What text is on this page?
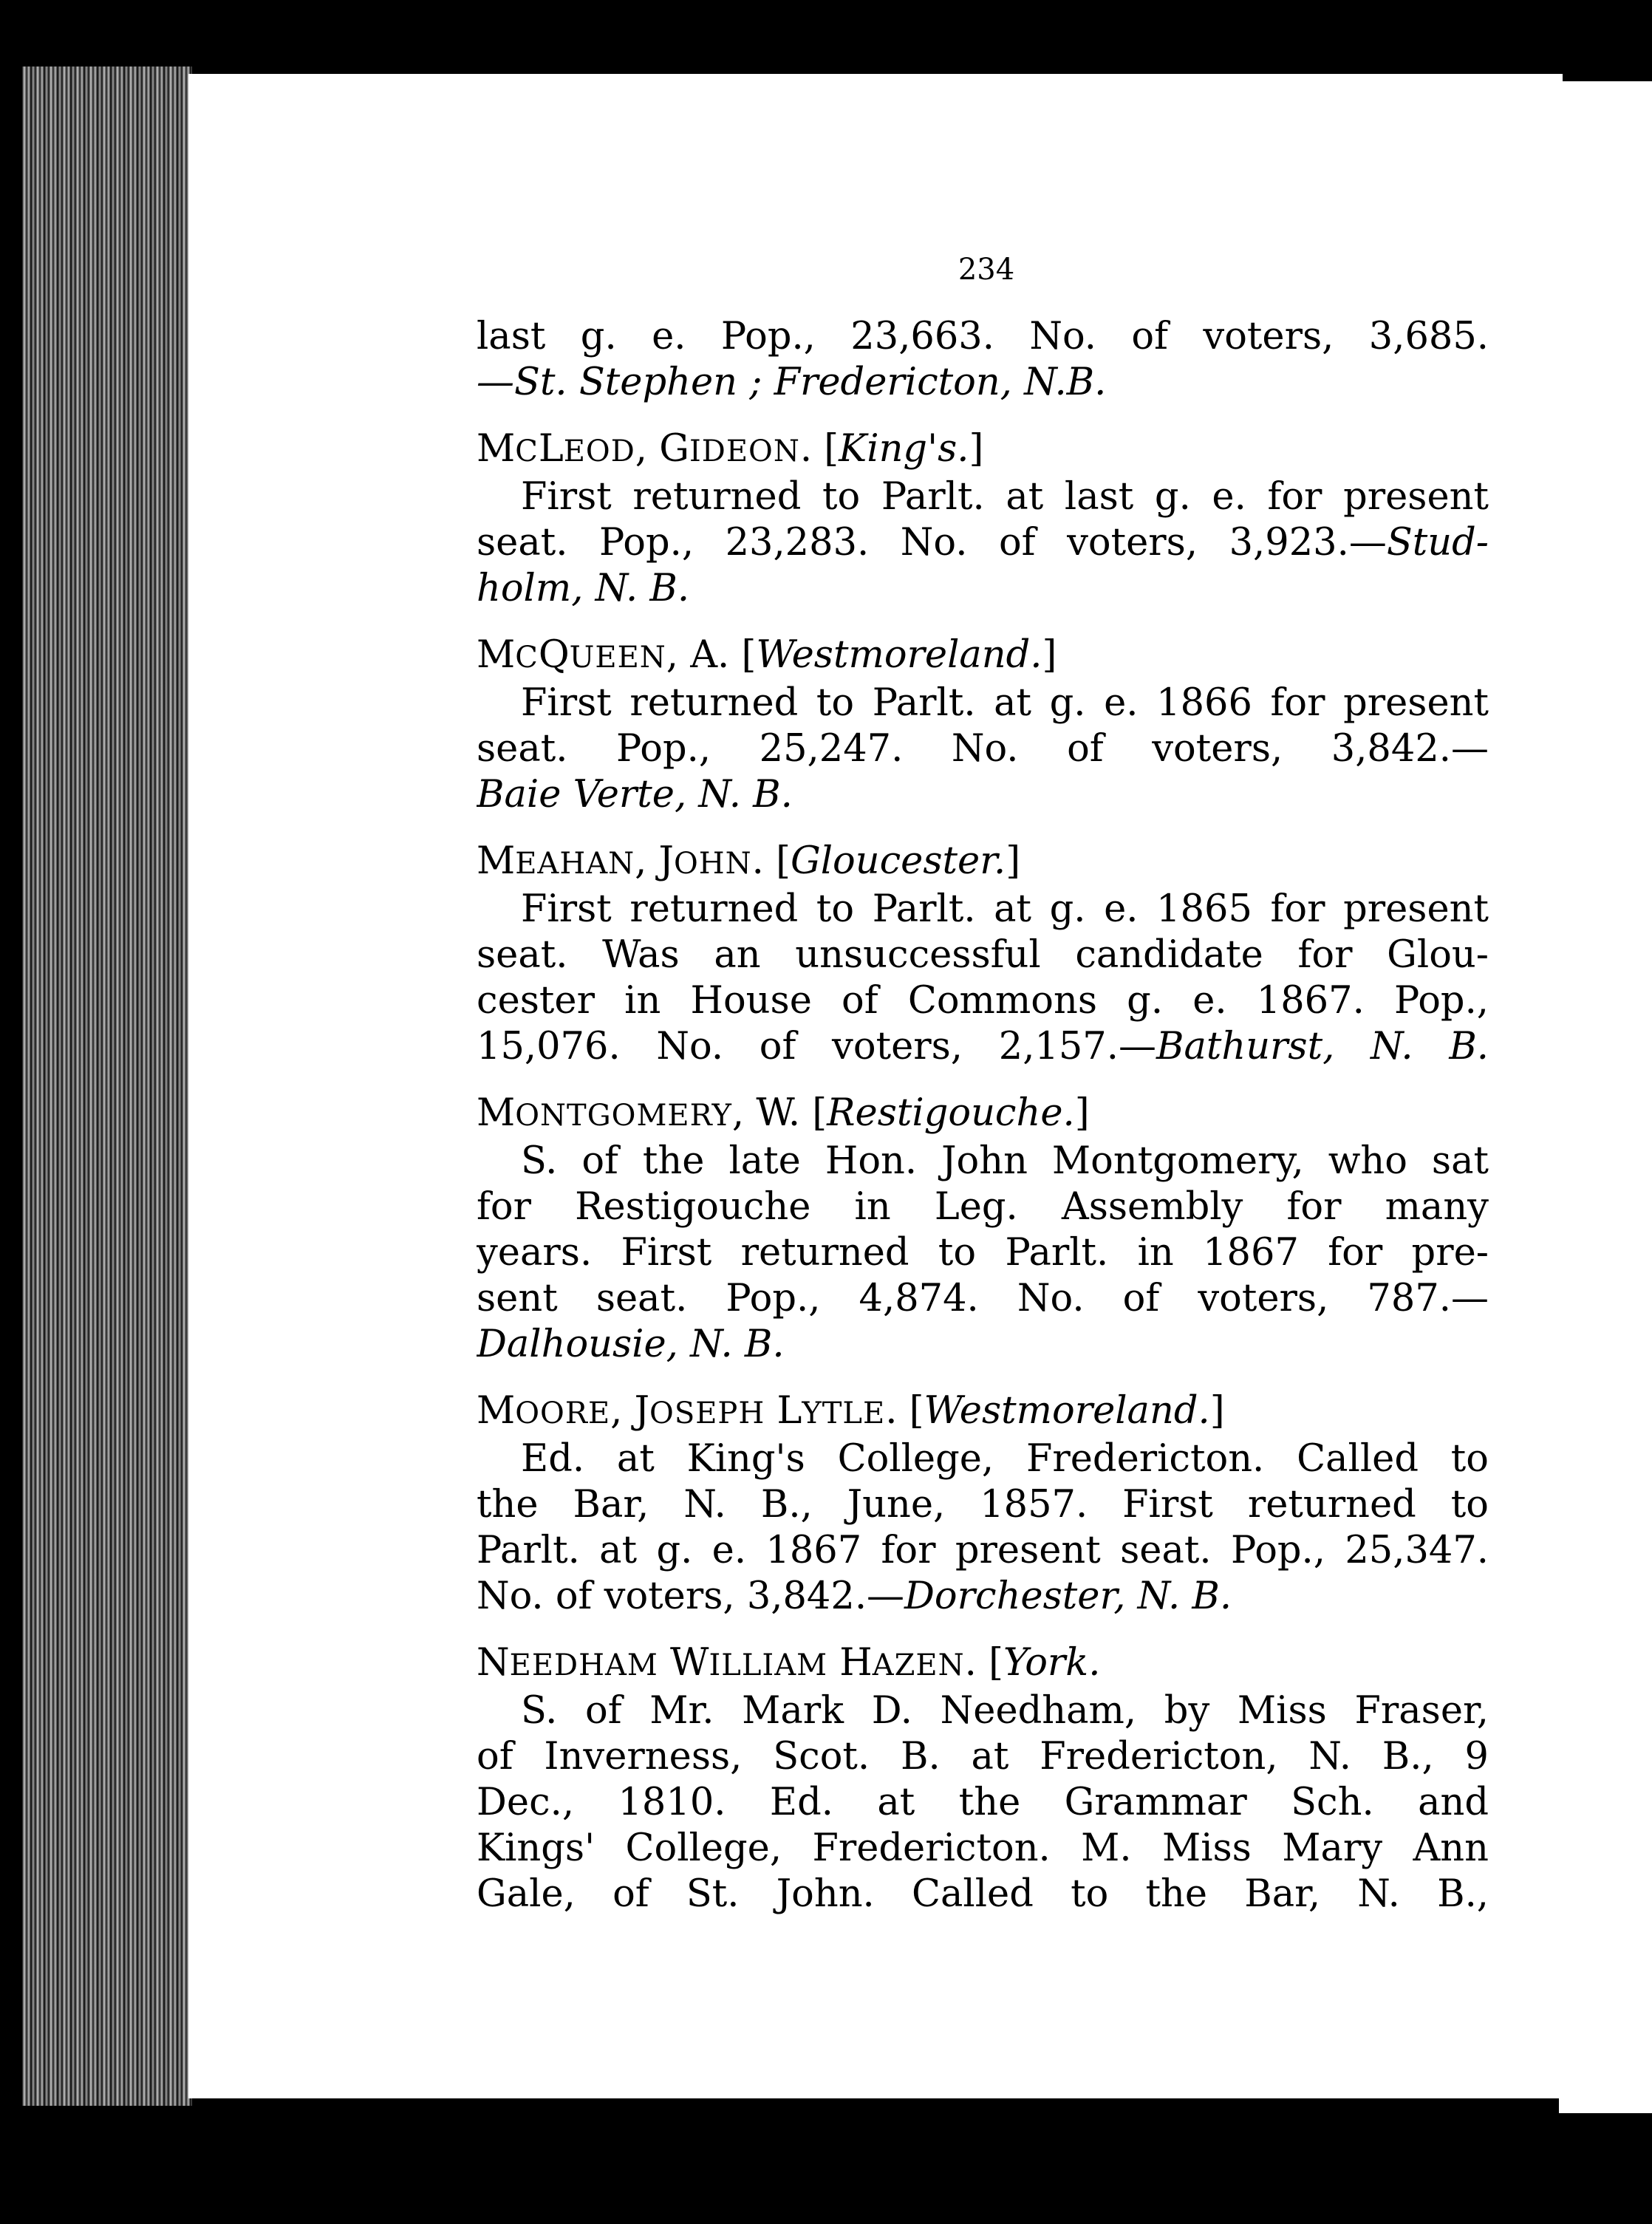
234
last g. e. Pop., 23,663. No. of voters, 3,685.
—St. Stephen ; Fredericton, N.B.
MCLEOD, GIDEON. [King's.]
First returned to Parlt. at last g. e. for present
seat. Pop., 23,283. No. of voters, 3,923.—Stud-
holm, N. B.
MCQUEEN, A. [Westmoreland.]
First returned to Parlt. at g. e. 1866 for present
seat. Pop., 25,247. No. of voters, 3,842.—
Baie Verte, N. B.
MEAHAN, JOHN. [Gloucester.]
First returned to Parlt. at g. e. 1865 for present
seat. Was an unsuccessful candidate for Glou-
cester in House of Commons g. e. 1867. Pop.,
15,076. No. of voters, 2,157.—Bathurst, N. B.
MONTGOMERY, W. [Restigouche.]
S. of the late Hon. John Montgomery, who sat
for Restigouche in Leg. Assembly for many
years. First returned to Parlt. in 1867 for pre-
sent seat. Pop., 4,874. No. of voters, 787.—
Dalhousie, N. B.
MOORE, JOSEPH LYTLE. [Westmoreland.]
Ed. at King's College, Fredericton. Called to
the Bar, N. B., June, 1857. First returned to
Parlt. at g. e. 1867 for present seat. Pop., 25,347.
No. of voters, 3,842.—Dorchester, N. B.
NEEDHAM WILLIAM HAZEN. [York.
S. of Mr. Mark D. Needham, by Miss Fraser,
of Inverness, Scot. B. at Fredericton, N. B., 9
Dec., 1810. Ed. at the Grammar Sch. and
Kings' College, Fredericton. M. Miss Mary Ann
Gale, of St. John. Called to the Bar, N. B.,
